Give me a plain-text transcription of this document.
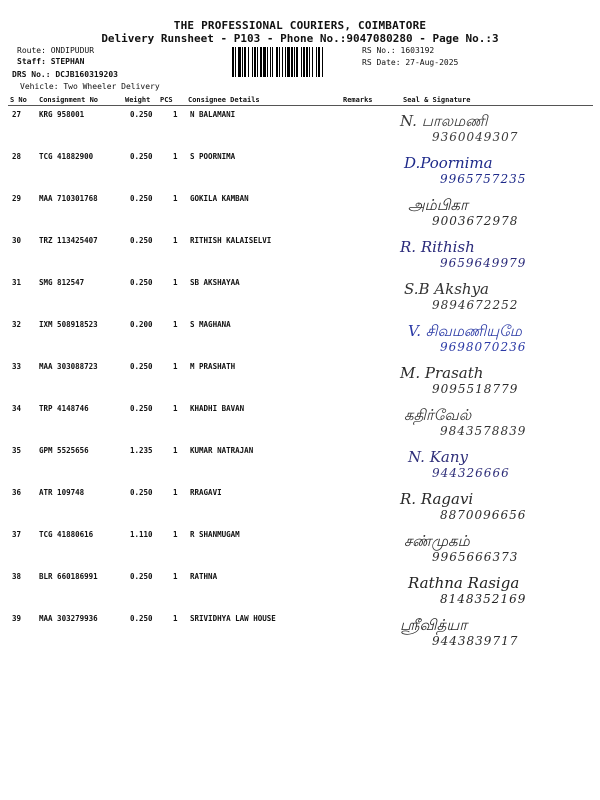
THE PROFESSIONAL COURIERS, COIMBATORE
Delivery Runsheet - P103 - Phone No.:9047080280 - Page No.:3
Route: ONDIPUDUR
Staff: STEPHAN
DRS No.: DCJB160319203
Vehicle: Two Wheeler Delivery
RS No.: 1603192
RS Date: 27-Aug-2025
S No Consignment No	Weight PCS Consignee Details	Remarks	Seal & Signature
27 KRG 958001	0.250	1 N BALAMANI	N. பாலமணி
9360049307
28 TCG 41882900	0.250	1 S POORNIMA	D.Poornima
9965757235
29 MAA 710301768	0.250	1 GOKILA KAMBAN	அம்பிகா
9003672978
30 TRZ 113425407	0.250	1 RITHISH KALAISELVI	R. Rithish
9659649979
31 SMG 812547	0.250	1 SB AKSHAYAA	S.B Akshya
9894672252
32 IXM 508918523	0.200	1 S MAGHANA	V. சிவமணியுமே
9698070236
33 MAA 303088723	0.250	1 M PRASHATH	M. Prasath
9095518779
34 TRP 4148746	0.250	1 KHADHI BAVAN	கதிர்வேல்
9843578839
35 GPM 5525656	1.235	1 KUMAR NATRAJAN	N. Kany
944326666
36 ATR 109748	0.250	1 RRAGAVI	R. Ragavi
8870096656
37 TCG 41880616	1.110	1 R SHANMUGAM	சண்முகம்
9965666373
38 BLR 660186991	0.250	1 RATHNA	Rathna Rasiga
8148352169
39 MAA 303279936	0.250	1 SRIVIDHYA LAW HOUSE	ஸ்ரீவித்யா
9443839717
